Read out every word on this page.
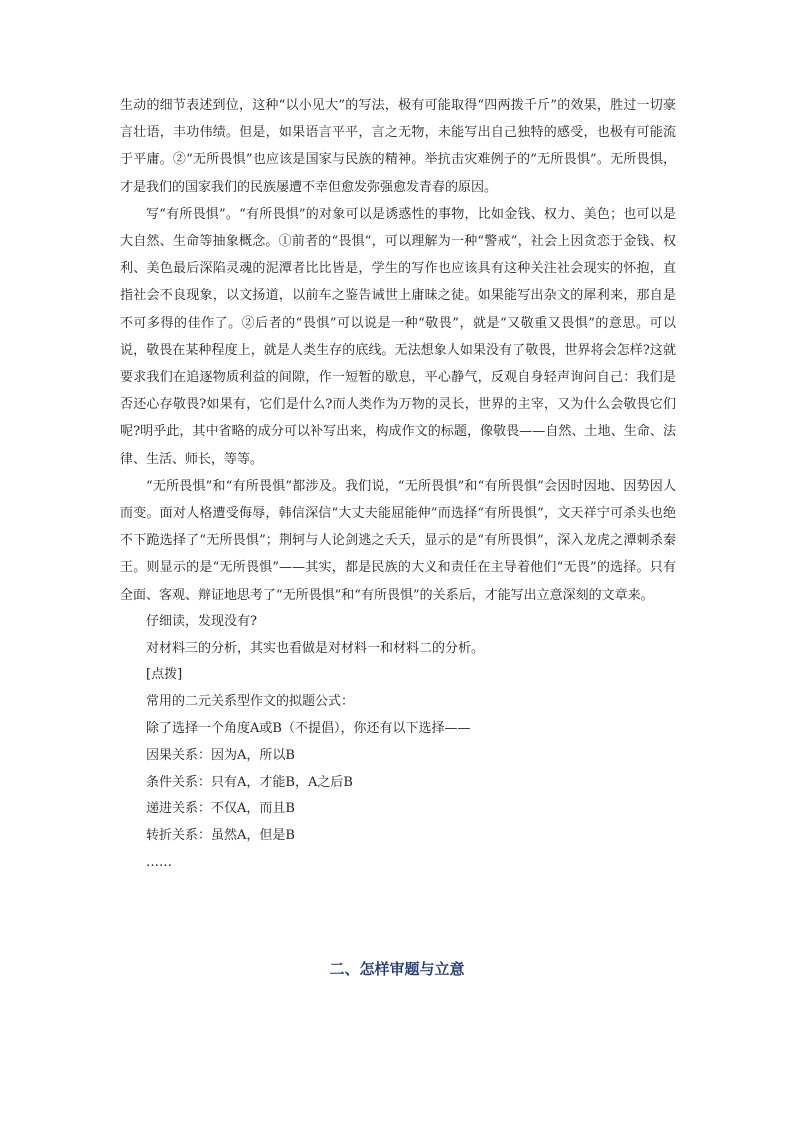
生动的细节表述到位，这种“以小见大”的写法，极有可能取得“四两拨千斤”的效果，胜过一切豪言壮语，丰功伟绩。但是，如果语言平平，言之无物，未能写出自己独特的感受，也极有可能流于平庸。②“无所畏惧”也应该是国家与民族的精神。举抗击灾难例子的“无所畏惧”。无所畏惧，才是我们的国家我们的民族屡遭不幸但愈发弥强愈发青春的原因。

写“有所畏惧”。“有所畏惧”的对象可以是诱惑性的事物，比如金钱、权力、美色；也可以是大自然、生命等抽象概念。①前者的“畏惧”，可以理解为一种“警戒”，社会上因贪恋于金钱、权利、美色最后深陷灵魂的泥潭者比比皆是，学生的写作也应该具有这种关注社会现实的怀抱，直指社会不良现象，以文扬道，以前车之鉴告诫世上庸昧之徒。如果能写出杂文的犀利来，那自是不可多得的佳作了。②后者的“畏惧”可以说是一种“敬畏”，就是“又敬重又畏惧”的意思。可以说，敬畏在某种程度上，就是人类生存的底线。无法想象人如果没有了敬畏，世界将会怎样?这就要求我们在追逐物质利益的间隙，作一短暂的歇息，平心静气，反观自身轻声询问自己：我们是否还心存敬畏?如果有，它们是什么?而人类作为万物的灵长，世界的主宰，又为什么会敬畏它们呢?明乎此，其中省略的成分可以补写出来，构成作文的标题，像敬畏——自然、土地、生命、法律、生活、师长，等等。

“无所畏惧”和“有所畏惧”都涉及。我们说，“无所畏惧”和“有所畏惧”会因时因地、因势因人而变。面对人格遭受侮辱，韩信深信“大丈夫能屈能伸”而选择“有所畏惧”，文天祥宁可杀头也绝不下跪选择了“无所畏惧”；荆轲与人论剑逃之夭夭，显示的是“有所畏惧”，深入龙虎之潭刺杀秦王。则显示的是“无所畏惧”——其实，都是民族的大义和责任在主导着他们“无畏”的选择。只有全面、客观、辩证地思考了“无所畏惧”和“有所畏惧”的关系后，才能写出立意深刻的文章来。

仔细读，发现没有?
对材料三的分析，其实也看做是对材料一和材料二的分析。
[点拨]
常用的二元关系型作文的拟题公式：
除了选择一个角度A或B（不提倡），你还有以下选择——
因果关系：因为A，所以B
条件关系：只有A，才能B，A之后B
递进关系：不仅A，而且B
转折关系：虽然A，但是B
……
二、怎样审题与立意
